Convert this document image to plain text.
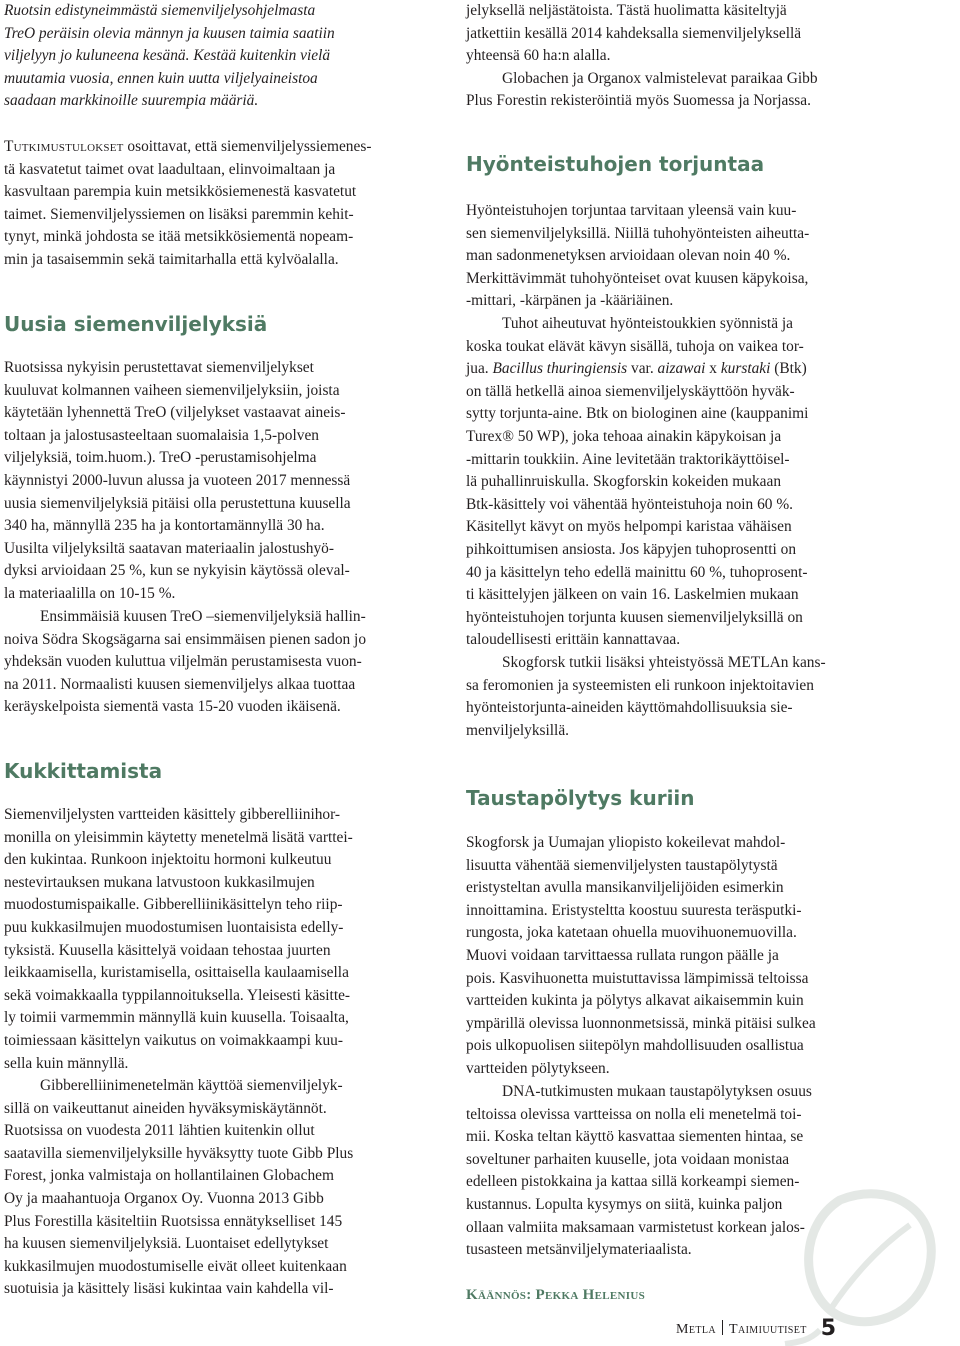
Ruotsin edistyneimmästä siemenviljelysohjelmasta
TreO peräisin olevia männyn ja kuusen taimia saatiin
viljelyyn jo kuluneena kesänä. Kestää kuitenkin vielä
muutamia vuosia, ennen kuin uutta viljelyaineistoa
saadaan markkinoille suurempia määriä.
Tutkimustulokset osoittavat, että siemenviljelyssiemenes-
tä kasvatetut taimet ovat laadultaan, elinvoimaltaan ja
kasvultaan parempia kuin metsikkösiemenestä kasvatetut
taimet. Siemenviljelyssiemen on lisäksi paremmin kehit-
tynyt, minkä johdosta se itää metsikkösiementä nopeam-
min ja tasaisemmin sekä taimitarhalla että kylvöalalla.
Uusia siemenviljelyksiä
Ruotsissa nykyisin perustettavat siemenviljelykset
kuuluvat kolmannen vaiheen siemenviljelyksiin, joista
käytetään lyhennettä TreO (viljelykset vastaavat aineis-
toltaan ja jalostusasteeltaan suomalaisia 1,5-polven
viljelyksiä, toim.huom.). TreO -perustamisohjelma
käynnistyi 2000-luvun alussa ja vuoteen 2017 mennessä
uusia siemenviljelyksiä pitäisi olla perustettuna kuusella
340 ha, männyllä 235 ha ja kontortamännyllä 30 ha.
Uusilta viljelyksiltä saatavan materiaalin jalostushyö-
dyksi arvioidaan 25 %, kun se nykyisin käytössä oleval-
la materiaalilla on 10-15 %.
Ensimmäisiä kuusen TreO –siemenviljelyksiä hallin-
noiva Södra Skogsägarna sai ensimmäisen pienen sadon jo
yhdeksän vuoden kuluttua viljelmän perustamisesta vuon-
na 2011. Normaalisti kuusen siemenviljelys alkaa tuottaa
keräyskelpoista siementä vasta 15-20 vuoden ikäisenä.
Kukkittamista
Siemenviljelysten vartteiden käsittely gibberelliinihor-
monilla on yleisimmin käytetty menetelmä lisätä varttei-
den kukintaa. Runkoon injektoitu hormoni kulkeutuu
nestevirtauksen mukana latvustoon kukkasilmujen
muodostumispaikalle. Gibberelliinikäsittelyn teho riip-
puu kukkasilmujen muodostumisen luontaisista edelly-
tyksistä. Kuusella käsittelyä voidaan tehostaa juurten
leikkaamisella, kuristamisella, osittaisella kaulaamisella
sekä voimakkaalla typpilannoituksella. Yleisesti käsitte-
ly toimii varmemmin männyllä kuin kuusella. Toisaalta,
toimiessaan käsittelyn vaikutus on voimakkaampi kuu-
sella kuin männyllä.
Gibberelliinimenetelmän käyttöä siemenviljelyk-
sillä on vaikeuttanut aineiden hyväksymiskäytännöt.
Ruotsissa on vuodesta 2011 lähtien kuitenkin ollut
saatavilla siemenviljelyksille hyväksytty tuote Gibb Plus
Forest, jonka valmistaja on hollantilainen Globachem
Oy ja maahantuoja Organox Oy. Vuonna 2013 Gibb
Plus Forestilla käsiteltiin Ruotsissa ennätykselliset 145
ha kuusen siemenviljelyksiä. Luontaiset edellytykset
kukkasilmujen muodostumiselle eivät olleet kuitenkaan
suotuisia ja käsittely lisäsi kukintaa vain kahdella vil-
jelyksellä neljästätoista. Tästä huolimatta käsiteltyjä
jatkettiin kesällä 2014 kahdeksalla siemenviljelyksellä
yhteensä 60 ha:n alalla.
Globachen ja Organox valmistelevat paraikaa Gibb
Plus Forestin rekisteröintiä myös Suomessa ja Norjassa.
Hyönteistuhojen torjuntaa
Hyönteistuhojen torjuntaa tarvitaan yleensä vain kuu-
sen siemenviljelyksillä. Niillä tuhohyönteisten aiheutta-
man sadonmenetyksen arvioidaan olevan noin 40 %.
Merkittävimmät tuhohyönteiset ovat kuusen käpykoisa,
-mittari, -kärpänen ja -kääriäinen.
Tuhot aiheutuvat hyönteistoukkien syönnistä ja
koska toukat elävät kävyn sisällä, tuhoja on vaikea tor-
jua. Bacillus thuringiensis var. aizawai x kurstaki (Btk)
on tällä hetkellä ainoa siemenviljelyskäyttöön hyväk-
sytty torjunta-aine. Btk on biologinen aine (kauppanimi
Turex® 50 WP), joka tehoaa ainakin käpykoisan ja
-mittarin toukkiin. Aine levitetään traktorikäyttöisel-
lä puhallinruiskulla. Skogforskin kokeiden mukaan
Btk-käsittely voi vähentää hyönteistuhoja noin 60 %.
Käsitellyt kävyt on myös helpompi karistaa vähäisen
pihkoittumisen ansiosta. Jos käpyjen tuhoprosentti on
40 ja käsittelyn teho edellä mainittu 60 %, tuhoprosent-
ti käsittelyjen jälkeen on vain 16. Laskelmien mukaan
hyönteistuhojen torjunta kuusen siemenviljelyksillä on
taloudellisesti erittäin kannattavaa.
Skogforsk tutkii lisäksi yhteistyössä METLAn kans-
sa feromonien ja systeemisten eli runkoon injektoitavien
hyönteistorjunta-aineiden käyttömahdollisuuksia sie-
menviljelyksillä.
Taustapölytys kuriin
Skogforsk ja Uumajan yliopisto kokeilevat mahdol-
lisuutta vähentää siemenviljelysten taustapölytystä
eristysteltan avulla mansikanviljelijöiden esimerkin
innoittamina. Eristysteltta koostuu suuresta teräsputki-
rungosta, joka katetaan ohuella muovihuonemuovilla.
Muovi voidaan tarvittaessa rullata rungon päälle ja
pois. Kasvihuonetta muistuttavissa lämpimissä teltoissa
vartteiden kukinta ja pölytys alkavat aikaisemmin kuin
ympärillä olevissa luonnonmetsissä, minkä pitäisi sulkea
pois ulkopuolisen siitepölyn mahdollisuuden osallistua
vartteiden pölytykseen.
DNA-tutkimusten mukaan taustapölytyksen osuus
teltoissa olevissa vartteissa on nolla eli menetelmä toi-
mii. Koska teltan käyttö kasvattaa siementen hintaa, se
soveltuner parhaiten kuuselle, jota voidaan monistaa
edelleen pistokkaina ja kattaa sillä korkeampi siemen-
kustannus. Lopulta kysymys on siitä, kuinka paljon
ollaan valmiita maksamaan varmistetust korkean jalos-
tusasteen metsänviljelymateriaalista.
Käännös: Pekka Helenius
Metla Taimiuutiset 5
